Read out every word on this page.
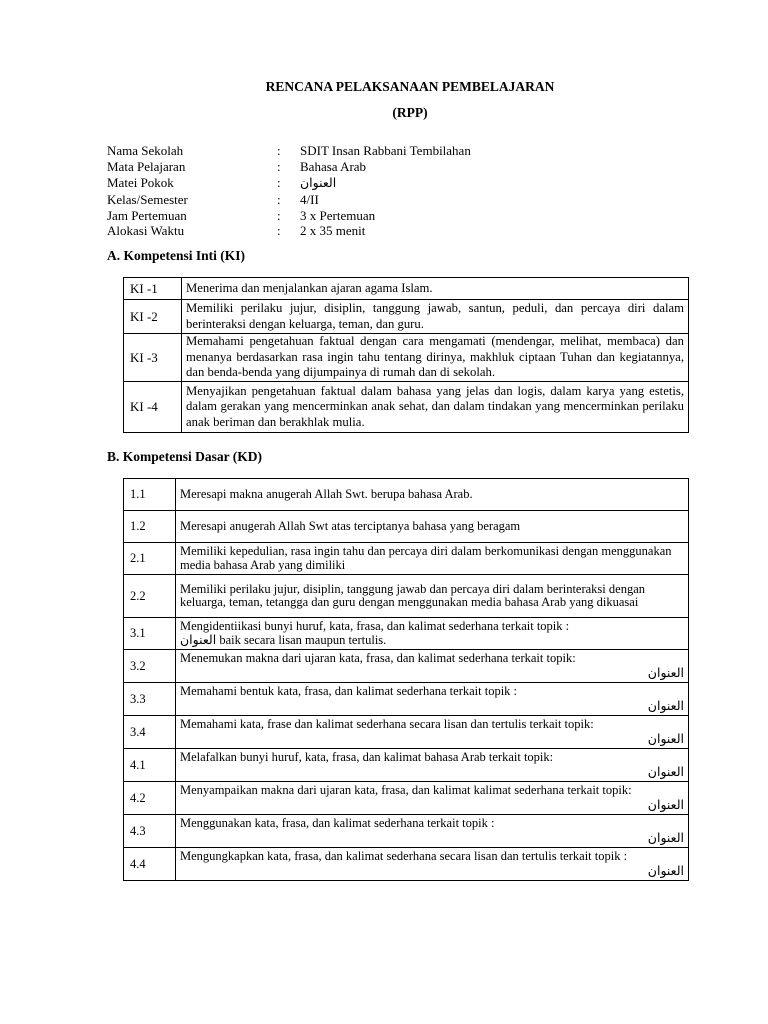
RENCANA PELAKSANAAN PEMBELAJARAN
(RPP)
Nama Sekolah	:	SDIT Insan Rabbani Tembilahan
Mata Pelajaran	:	Bahasa Arab
Matei Pokok	:	العنوان
Kelas/Semester	:	4/II
Jam Pertemuan	:	3 x Pertemuan
Alokasi Waktu	:	2 x 35 menit
A. Kompetensi Inti (KI)
KI -1	Menerima dan menjalankan ajaran agama Islam.
KI -2	Memiliki perilaku jujur, disiplin, tanggung jawab, santun, peduli, dan percaya diri dalam berinteraksi dengan keluarga, teman, dan guru.
KI -3	Memahami pengetahuan faktual dengan cara mengamati (mendengar, melihat, membaca) dan menanya berdasarkan rasa ingin tahu tentang dirinya, makhluk ciptaan Tuhan dan kegiatannya, dan benda-benda yang dijumpainya di rumah dan di sekolah.
KI -4	Menyajikan pengetahuan faktual dalam bahasa yang jelas dan logis, dalam karya yang estetis, dalam gerakan yang mencerminkan anak sehat, dan dalam tindakan yang mencerminkan perilaku anak beriman dan berakhlak mulia.
B. Kompetensi Dasar (KD)
1.1	Meresapi makna anugerah Allah Swt. berupa bahasa Arab.

1.2	Meresapi anugerah Allah Swt atas terciptanya bahasa yang beragam

2.1	Memiliki kepedulian, rasa ingin tahu dan percaya diri dalam berkomunikasi dengan menggunakan media bahasa Arab yang dimiliki

2.2	Memiliki perilaku jujur, disiplin, tanggung jawab dan percaya diri dalam berinteraksi dengan keluarga, teman, tetangga dan guru dengan menggunakan media bahasa Arab yang dikuasai

3.1	Mengidentiikasi bunyi huruf, kata, frasa, dan kalimat sederhana terkait topik :
العنوان baik secara lisan maupun tertulis.
3.2	Menemukan makna dari ujaran kata, frasa, dan kalimat sederhana terkait topik:
العنوان

3.3	Memahami bentuk kata, frasa, dan kalimat sederhana terkait topik :
العنوان

3.4	Memahami kata, frase dan kalimat sederhana secara lisan dan tertulis terkait topik:
العنوان

4.1	Melafalkan bunyi huruf, kata, frasa, dan kalimat bahasa Arab terkait topik:
العنوان

4.2	Menyampaikan makna dari ujaran kata, frasa, dan kalimat kalimat sederhana terkait topik:
العنوان

4.3	Menggunakan kata, frasa, dan kalimat sederhana terkait topik :
العنوان

4.4	Mengungkapkan kata, frasa, dan kalimat sederhana secara lisan dan tertulis terkait topik :
العنوان
